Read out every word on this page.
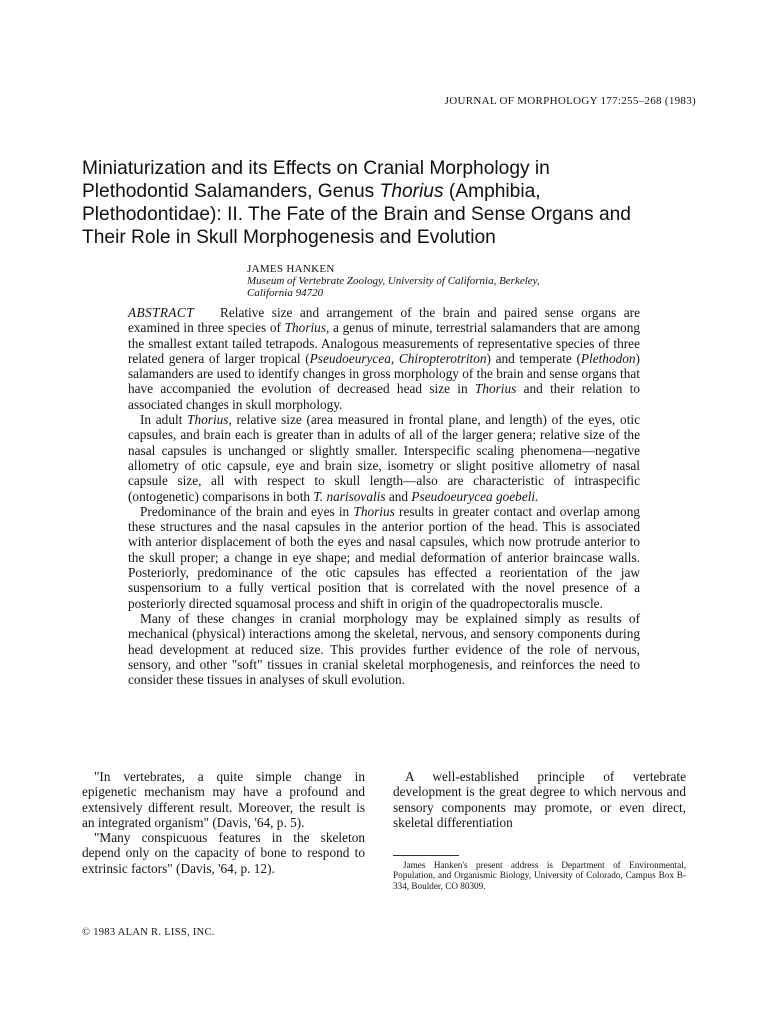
JOURNAL OF MORPHOLOGY 177:255–268 (1983)
Miniaturization and its Effects on Cranial Morphology in
Plethodontid Salamanders, Genus Thorius (Amphibia,
Plethodontidae): II. The Fate of the Brain and Sense Organs and
Their Role in Skull Morphogenesis and Evolution
JAMES HANKEN
Museum of Vertebrate Zoology, University of California, Berkeley,
California 94720

ABSTRACT Relative size and arrangement of the brain and paired sense organs are examined in three species of Thorius, a genus of minute, terrestrial salamanders that are among the smallest extant tailed tetrapods. Analogous measurements of representative species of three related genera of larger tropical (Pseudoeurycea, Chiropterotriton) and temperate (Plethodon) salamanders are used to identify changes in gross morphology of the brain and sense organs that have accompanied the evolution of decreased head size in Thorius and their relation to associated changes in skull morphology.

In adult Thorius, relative size (area measured in frontal plane, and length) of the eyes, otic capsules, and brain each is greater than in adults of all of the larger genera; relative size of the nasal capsules is unchanged or slightly smaller. Interspecific scaling phenomena—negative allometry of otic capsule, eye and brain size, isometry or slight positive allometry of nasal capsule size, all with respect to skull length—also are characteristic of intraspecific (ontogenetic) comparisons in both T. narisovalis and Pseudoeurycea goebeli.

Predominance of the brain and eyes in Thorius results in greater contact and overlap among these structures and the nasal capsules in the anterior portion of the head. This is associated with anterior displacement of both the eyes and nasal capsules, which now protrude anterior to the skull proper; a change in eye shape; and medial deformation of anterior braincase walls. Posteriorly, predominance of the otic capsules has effected a reorientation of the jaw suspensorium to a fully vertical position that is correlated with the novel presence of a posteriorly directed squamosal process and shift in origin of the quadropectoralis muscle.

Many of these changes in cranial morphology may be explained simply as results of mechanical (physical) interactions among the skeletal, nervous, and sensory components during head development at reduced size. This provides further evidence of the role of nervous, sensory, and other "soft" tissues in cranial skeletal morphogenesis, and reinforces the need to consider these tissues in analyses of skull evolution.

"In vertebrates, a quite simple change in epigenetic mechanism may have a profound and extensively different result. Moreover, the result is an integrated organism" (Davis, '64, p. 5).

"Many conspicuous features in the skeleton depend only on the capacity of bone to respond to extrinsic factors" (Davis, '64, p. 12).

A well-established principle of vertebrate development is the great degree to which nervous and sensory components may promote, or even direct, skeletal differentiation

James Hanken's present address is Department of Environmental, Population, and Organismic Biology, University of Colorado, Campus Box B-334, Boulder, CO 80309.

© 1983 ALAN R. LISS, INC.
